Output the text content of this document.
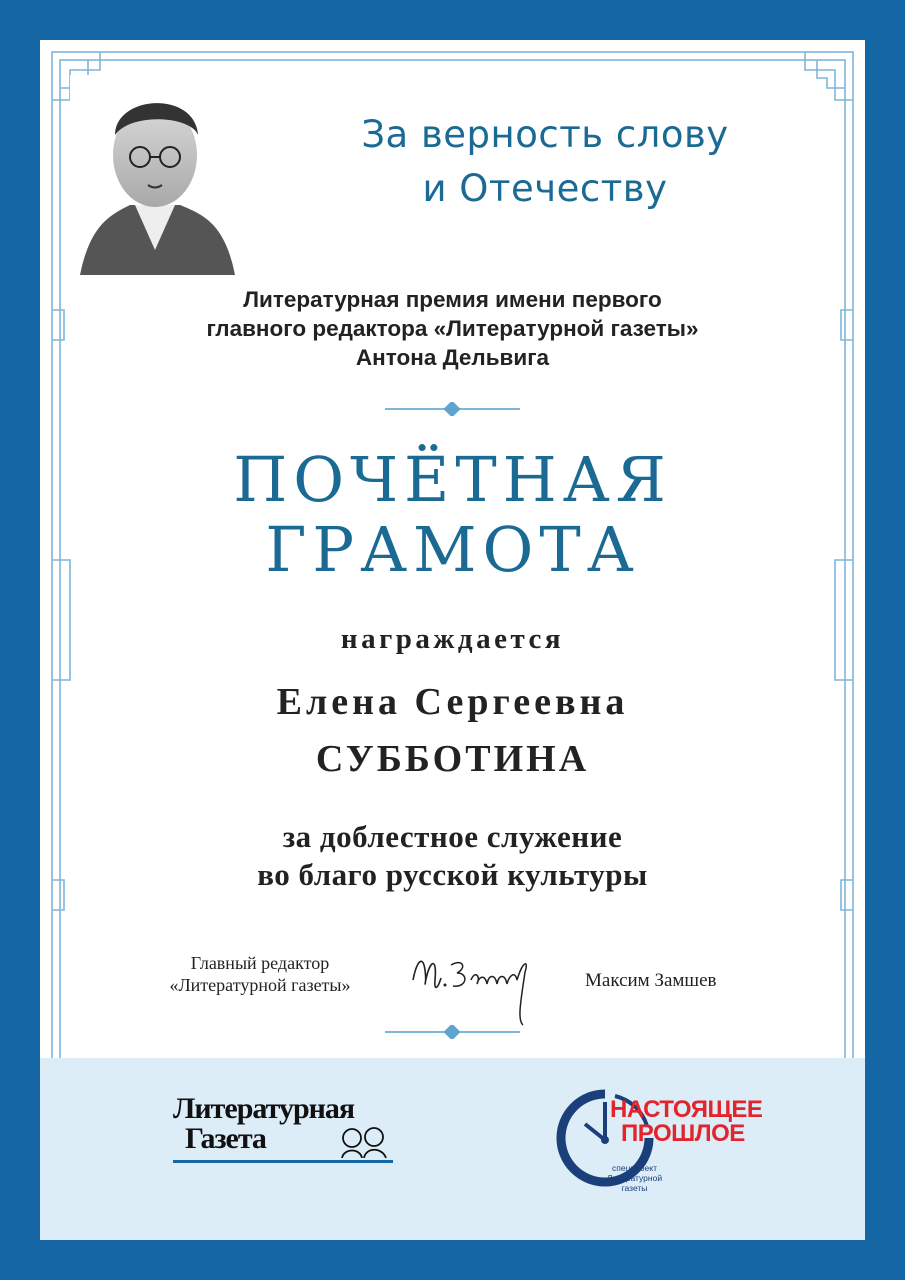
За верность слову
и Отечеству
Литературная премия имени первого
главного редактора «Литературной газеты»
Антона Дельвига
ПОЧЁТНАЯ
ГРАМОТА
награждается
Елена Сергеевна
СУББОТИНА
за доблестное служение
во благо русской культуры
Главный редактор
«Литературной газеты»	Максим Замшев
Литературная
Газета
НАСТОЯЩЕЕ
ПРОШЛОЕ
спецпроект Литературной газеты
